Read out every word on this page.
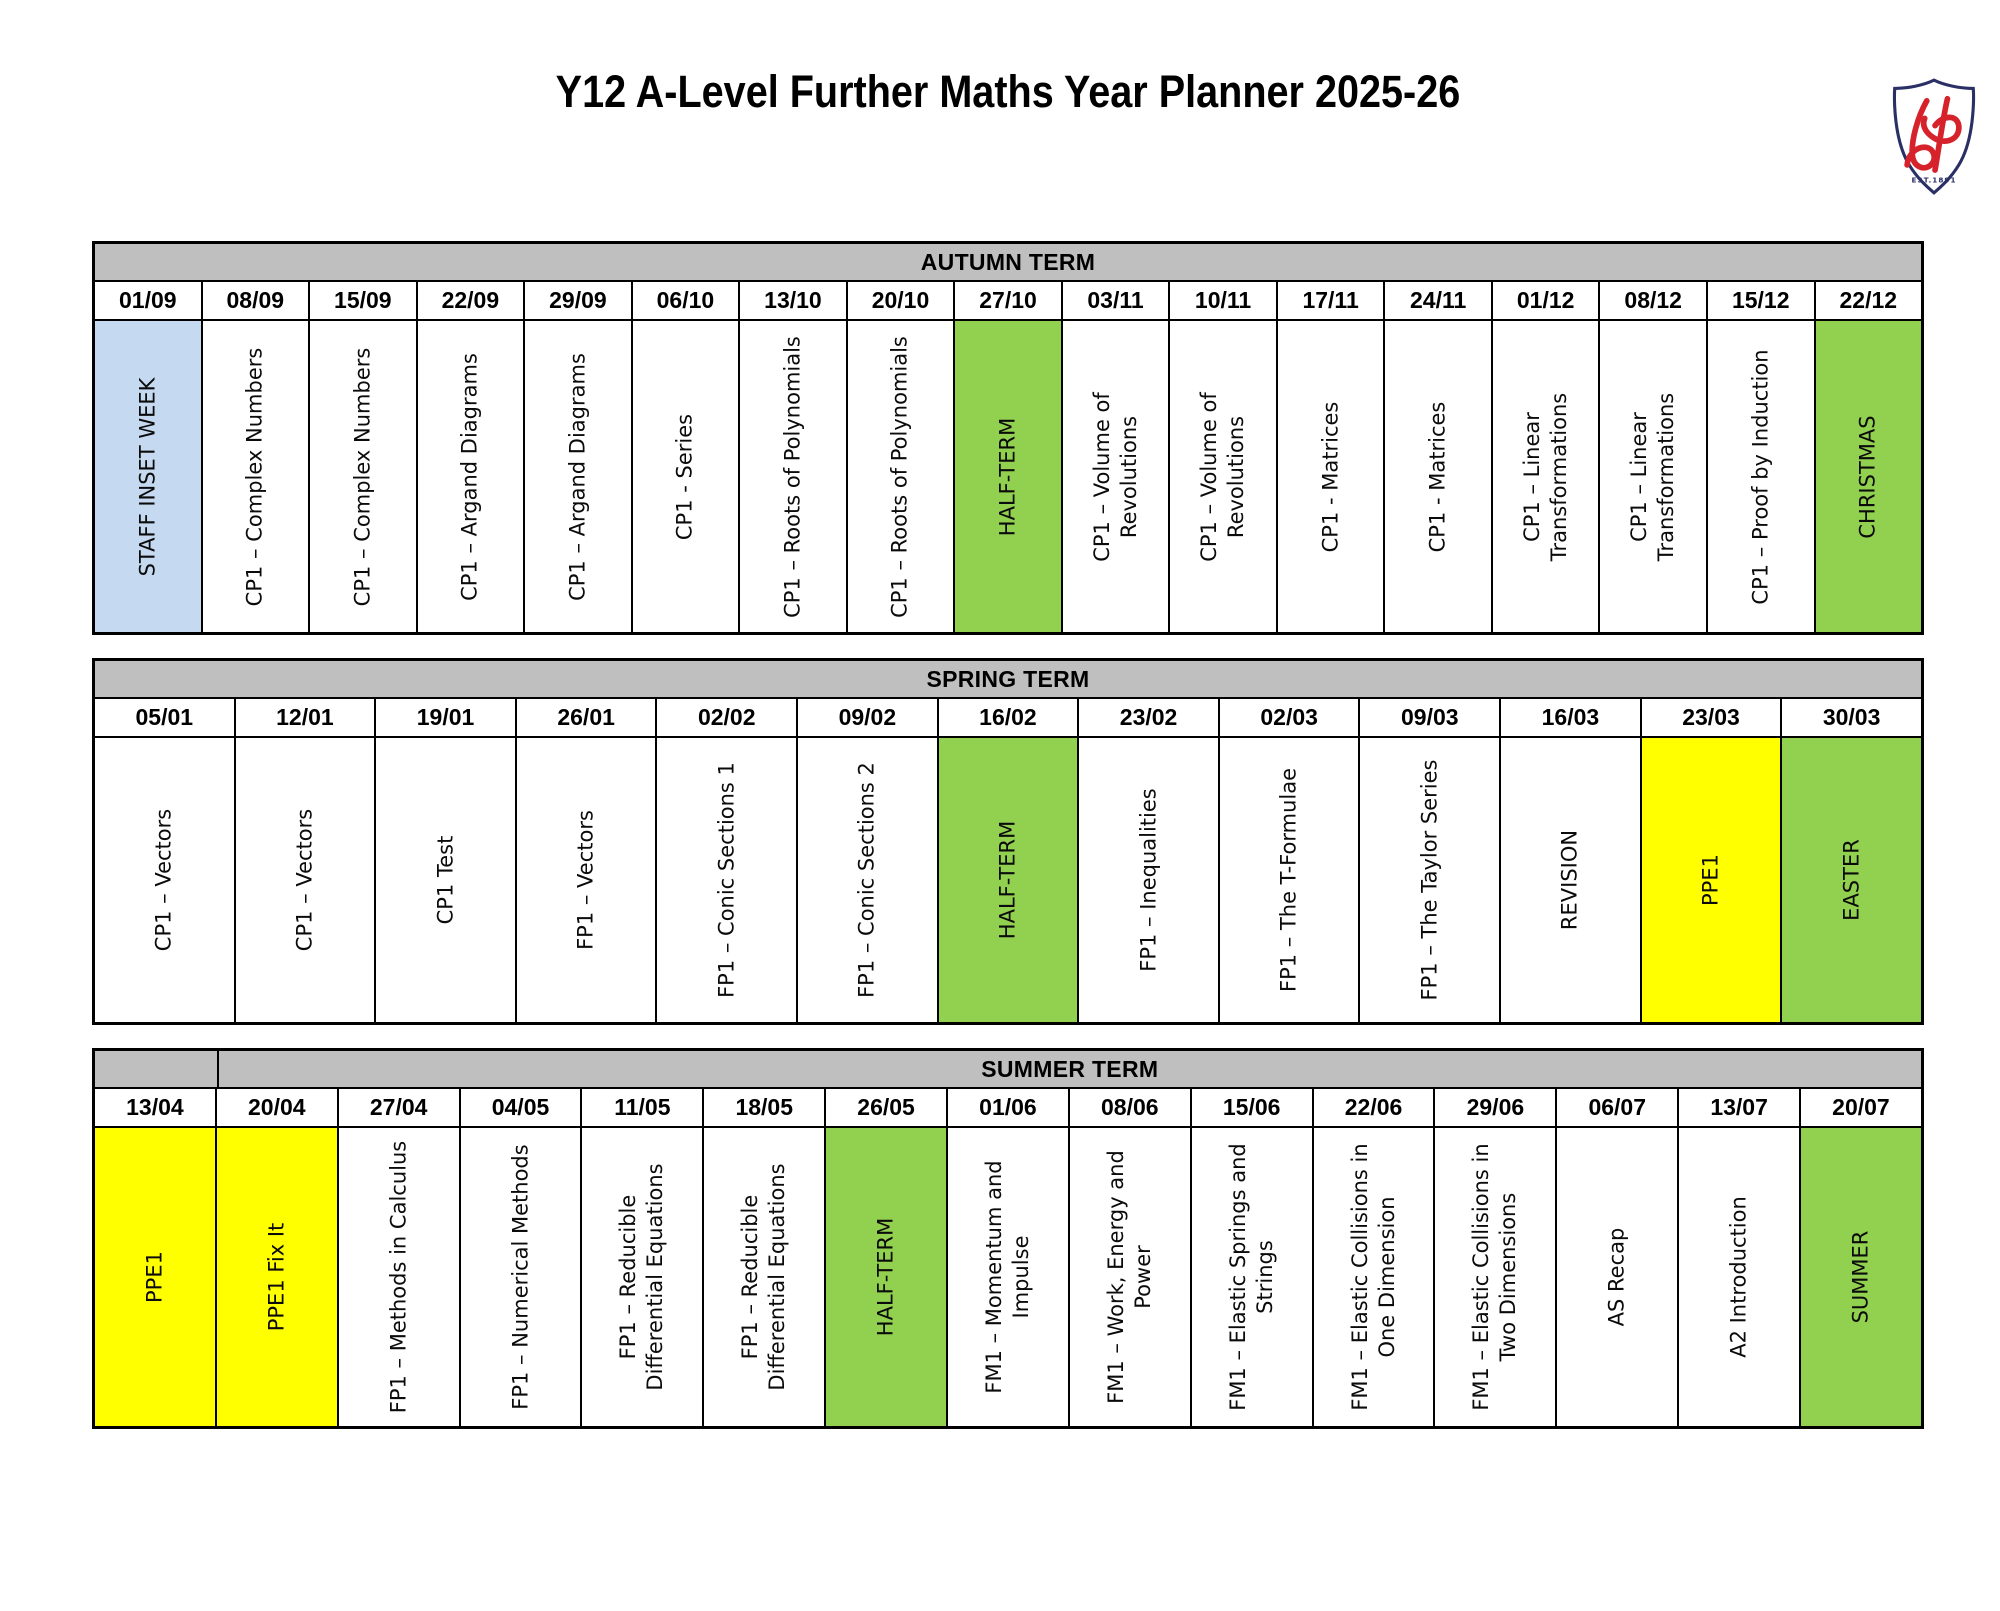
Y12 A-Level Further Maths Year Planner 2025-26
EST.1891
AUTUMN TERM
01/09	08/09	15/09	22/09	29/09	06/10	13/10	20/10	27/10	03/11	10/11	17/11	24/11	01/12	08/12	15/12	22/12
STAFF INSET WEEK	CP1 – Complex Numbers	CP1 – Complex Numbers	CP1 – Argand Diagrams	CP1 – Argand Diagrams	CP1 - Series	CP1 – Roots of Polynomials	CP1 – Roots of Polynomials	HALF-TERM	CP1 – Volume of Revolutions	CP1 – Volume of Revolutions	CP1 - Matrices	CP1 - Matrices	CP1 – Linear Transformations	CP1 – Linear Transformations	CP1 – Proof by Induction	CHRISTMAS
SPRING TERM
05/01	12/01	19/01	26/01	02/02	09/02	16/02	23/02	02/03	09/03	16/03	23/03	30/03
CP1 – Vectors	CP1 – Vectors	CP1 Test	FP1 – Vectors	FP1 – Conic Sections 1	FP1 – Conic Sections 2	HALF-TERM	FP1 – Inequalities	FP1 – The T-Formulae	FP1 – The Taylor Series	REVISION	PPE1	EASTER
SUMMER TERM
13/04	20/04	27/04	04/05	11/05	18/05	26/05	01/06	08/06	15/06	22/06	29/06	06/07	13/07	20/07
PPE1	PPE1 Fix It	FP1 – Methods in Calculus	FP1 – Numerical Methods	FP1 – Reducible Differential Equations	FP1 – Reducible Differential Equations	HALF-TERM	FM1 – Momentum and Impulse	FM1 – Work, Energy and Power	FM1 – Elastic Springs and Strings	FM1 – Elastic Collisions in One Dimension	FM1 – Elastic Collisions in Two Dimensions	AS Recap	A2 Introduction	SUMMER
